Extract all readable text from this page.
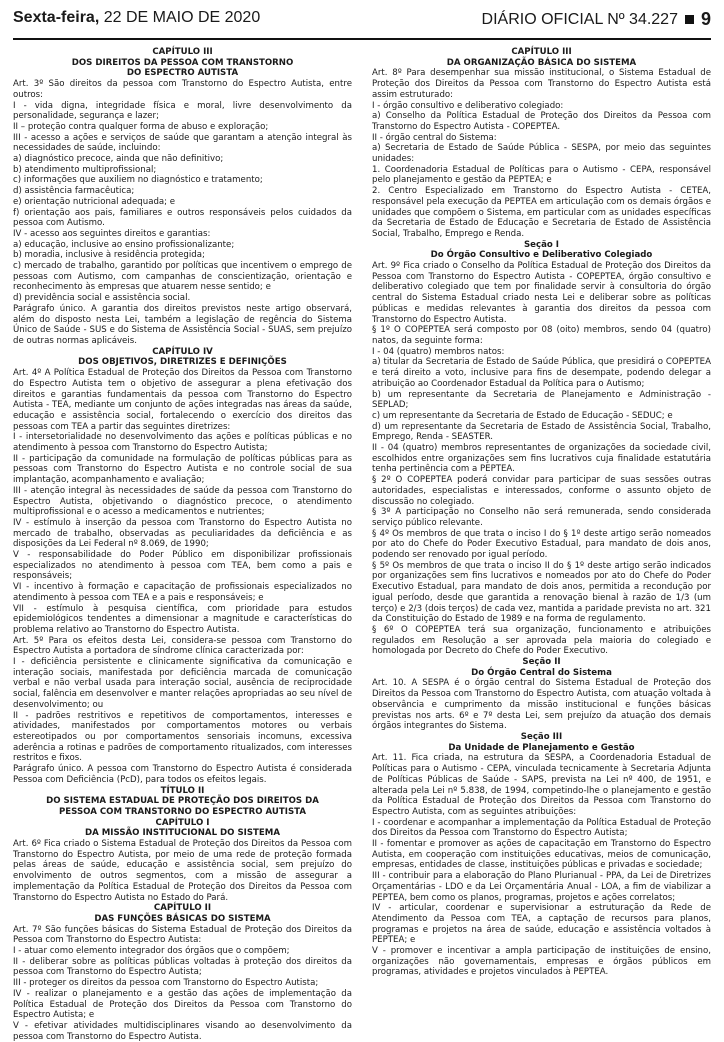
Sexta-feira, 22 DE MAIO DE 2020	DIÁRIO OFICIAL Nº 34.227 9

CAPÍTULO III

DOS DIREITOS DA PESSOA COM TRANSTORNO

DO ESPECTRO AUTISTA

Art. 3º São direitos da pessoa com Transtorno do Espectro Autista, entre outros:

I - vida digna, integridade física e moral, livre desenvolvimento da personalidade, segurança e lazer;

II – proteção contra qualquer forma de abuso e exploração;

III - acesso a ações e serviços de saúde que garantam a atenção integral às necessidades de saúde, incluindo:

a) diagnóstico precoce, ainda que não definitivo;

b) atendimento multiprofissional;

c) informações que auxiliem no diagnóstico e tratamento;

d) assistência farmacêutica;

e) orientação nutricional adequada; e

f) orientação aos pais, familiares e outros responsáveis pelos cuidados da pessoa com Autismo.

IV - acesso aos seguintes direitos e garantias:

a) educação, inclusive ao ensino profissionalizante;

b) moradia, inclusive à residência protegida;

c) mercado de trabalho, garantido por políticas que incentivem o emprego de pessoas com Autismo, com campanhas de conscientização, orientação e reconhecimento às empresas que atuarem nesse sentido; e

d) previdência social e assistência social.

Parágrafo único. A garantia dos direitos previstos neste artigo observará, além do disposto nesta Lei, também a legislação de regência do Sistema Único de Saúde - SUS e do Sistema de Assistência Social - SUAS, sem prejuízo de outras normas aplicáveis.

CAPÍTULO IV

DOS OBJETIVOS, DIRETRIZES E DEFINIÇÕES

Art. 4º A Política Estadual de Proteção dos Direitos da Pessoa com Transtorno do Espectro Autista tem o objetivo de assegurar a plena efetivação dos direitos e garantias fundamentais da pessoa com Transtorno do Espectro Autista - TEA, mediante um conjunto de ações integradas nas áreas da saúde, educação e assistência social, fortalecendo o exercício dos direitos das pessoas com TEA a partir das seguintes diretrizes:

I - intersetorialidade no desenvolvimento das ações e políticas públicas e no atendimento à pessoa com Transtorno do Espectro Autista;

II - participação da comunidade na formulação de políticas públicas para as pessoas com Transtorno do Espectro Autista e no controle social de sua implantação, acompanhamento e avaliação;

III - atenção integral às necessidades de saúde da pessoa com Transtorno do Espectro Autista, objetivando o diagnóstico precoce, o atendimento multiprofissional e o acesso a medicamentos e nutrientes;

IV - estímulo à inserção da pessoa com Transtorno do Espectro Autista no mercado de trabalho, observadas as peculiaridades da deficiência e as disposições da Lei Federal nº 8.069, de 1990;

V - responsabilidade do Poder Público em disponibilizar profissionais especializados no atendimento à pessoa com TEA, bem como a pais e responsáveis;

VI - incentivo à formação e capacitação de profissionais especializados no atendimento à pessoa com TEA e a pais e responsáveis; e

VII - estímulo à pesquisa científica, com prioridade para estudos epidemiológicos tendentes a dimensionar a magnitude e características do problema relativo ao Transtorno do Espectro Autista.

Art. 5º Para os efeitos desta Lei, considera-se pessoa com Transtorno do Espectro Autista a portadora de síndrome clínica caracterizada por:

I - deficiência persistente e clinicamente significativa da comunicação e interação sociais, manifestada por deficiência marcada de comunicação verbal e não verbal usada para interação social, ausência de reciprocidade social, falência em desenvolver e manter relações apropriadas ao seu nível de desenvolvimento; ou

II - padrões restritivos e repetitivos de comportamentos, interesses e atividades, manifestados por comportamentos motores ou verbais estereotipados ou por comportamentos sensoriais incomuns, excessiva aderência a rotinas e padrões de comportamento ritualizados, com interesses restritos e fixos.

Parágrafo único. A pessoa com Transtorno do Espectro Autista é considerada Pessoa com Deficiência (PcD), para todos os efeitos legais.

TÍTULO II

DO SISTEMA ESTADUAL DE PROTEÇÃO DOS DIREITOS DA

PESSOA COM TRANSTORNO DO ESPECTRO AUTISTA

CAPÍTULO I

DA MISSÃO INSTITUCIONAL DO SISTEMA

Art. 6º Fica criado o Sistema Estadual de Proteção dos Direitos da Pessoa com Transtorno do Espectro Autista, por meio de uma rede de proteção formada pelas áreas de saúde, educação e assistência social, sem prejuízo do envolvimento de outros segmentos, com a missão de assegurar a implementação da Política Estadual de Proteção dos Direitos da Pessoa com Transtorno do Espectro Autista no Estado do Pará.

CAPÍTULO II

DAS FUNÇÕES BÁSICAS DO SISTEMA

Art. 7º São funções básicas do Sistema Estadual de Proteção dos Direitos da Pessoa com Transtorno do Espectro Autista:

I - atuar como elemento integrador dos órgãos que o compõem;

II - deliberar sobre as políticas públicas voltadas à proteção dos direitos da pessoa com Transtorno do Espectro Autista;

III - proteger os direitos da pessoa com Transtorno do Espectro Autista;

IV - realizar o planejamento e a gestão das ações de implementação da Política Estadual de Proteção dos Direitos da Pessoa com Transtorno do Espectro Autista; e

V - efetivar atividades multidisciplinares visando ao desenvolvimento da pessoa com Transtorno do Espectro Autista.

CAPÍTULO III

DA ORGANIZAÇÃO BÁSICA DO SISTEMA

Art. 8º Para desempenhar sua missão institucional, o Sistema Estadual de Proteção dos Direitos da Pessoa com Transtorno do Espectro Autista está assim estruturado:

I - órgão consultivo e deliberativo colegiado:

a) Conselho da Política Estadual de Proteção dos Direitos da Pessoa com Transtorno do Espectro Autista - COPEPTEA.

II - órgão central do Sistema:

a) Secretaria de Estado de Saúde Pública - SESPA, por meio das seguintes unidades:

1. Coordenadoria Estadual de Políticas para o Autismo - CEPA, responsável pelo planejamento e gestão da PEPTEA; e

2. Centro Especializado em Transtorno do Espectro Autista - CETEA, responsável pela execução da PEPTEA em articulação com os demais órgãos e unidades que compõem o Sistema, em particular com as unidades específicas da Secretaria de Estado de Educação e Secretaria de Estado de Assistência Social, Trabalho, Emprego e Renda.

Seção I

Do Órgão Consultivo e Deliberativo Colegiado

Art. 9º Fica criado o Conselho da Política Estadual de Proteção dos Direitos da Pessoa com Transtorno do Espectro Autista - COPEPTEA, órgão consultivo e deliberativo colegiado que tem por finalidade servir à consultoria do órgão central do Sistema Estadual criado nesta Lei e deliberar sobre as políticas públicas e medidas relevantes à garantia dos direitos da pessoa com Transtorno do Espectro Autista.

§ 1º O COPEPTEA será composto por 08 (oito) membros, sendo 04 (quatro) natos, da seguinte forma:

I - 04 (quatro) membros natos:

a) titular da Secretaria de Estado de Saúde Pública, que presidirá o COPEPTEA e terá direito a voto, inclusive para fins de desempate, podendo delegar a atribuição ao Coordenador Estadual da Política para o Autismo;

b) um representante da Secretaria de Planejamento e Administração - SEPLAD;

c) um representante da Secretaria de Estado de Educação - SEDUC; e

d) um representante da Secretaria de Estado de Assistência Social, Trabalho, Emprego, Renda - SEASTER.

II - 04 (quatro) membros representantes de organizações da sociedade civil, escolhidos entre organizações sem fins lucrativos cuja finalidade estatutária tenha pertinência com a PEPTEA.

§ 2º O COPEPTEA poderá convidar para participar de suas sessões outras autoridades, especialistas e interessados, conforme o assunto objeto de discussão no colegiado.

§ 3º A participação no Conselho não será remunerada, sendo considerada serviço público relevante.

§ 4º Os membros de que trata o inciso I do § 1º deste artigo serão nomeados por ato do Chefe do Poder Executivo Estadual, para mandato de dois anos, podendo ser renovado por igual período.

§ 5º Os membros de que trata o inciso II do § 1º deste artigo serão indicados por organizações sem fins lucrativos e nomeados por ato do Chefe do Poder Executivo Estadual, para mandato de dois anos, permitida a recondução por igual período, desde que garantida a renovação bienal à razão de 1/3 (um terço) e 2/3 (dois terços) de cada vez, mantida a paridade prevista no art. 321 da Constituição do Estado de 1989 e na forma de regulamento.

§ 6º O COPEPTEA terá sua organização, funcionamento e atribuições regulados em Resolução a ser aprovada pela maioria do colegiado e homologada por Decreto do Chefe do Poder Executivo.

Seção II

Do Órgão Central do Sistema

Art. 10. A SESPA é o órgão central do Sistema Estadual de Proteção dos Direitos da Pessoa com Transtorno do Espectro Autista, com atuação voltada à observância e cumprimento da missão institucional e funções básicas previstas nos arts. 6º e 7º desta Lei, sem prejuízo da atuação dos demais órgãos integrantes do Sistema.

Seção III

Da Unidade de Planejamento e Gestão

Art. 11. Fica criada, na estrutura da SESPA, a Coordenadoria Estadual de Políticas para o Autismo - CEPA, vinculada tecnicamente à Secretaria Adjunta de Políticas Públicas de Saúde - SAPS, prevista na Lei nº 400, de 1951, e alterada pela Lei nº 5.838, de 1994, competindo-lhe o planejamento e gestão da Política Estadual de Proteção dos Direitos da Pessoa com Transtorno do Espectro Autista, com as seguintes atribuições:

I - coordenar e acompanhar a implementação da Política Estadual de Proteção dos Direitos da Pessoa com Transtorno do Espectro Autista;

II - fomentar e promover as ações de capacitação em Transtorno do Espectro Autista, em cooperação com instituições educativas, meios de comunicação, empresas, entidades de classe, instituições públicas e privadas e sociedade;

III - contribuir para a elaboração do Plano Plurianual - PPA, da Lei de Diretrizes Orçamentárias - LDO e da Lei Orçamentária Anual - LOA, a fim de viabilizar a PEPTEA, bem como os planos, programas, projetos e ações correlatos;

IV - articular, coordenar e supervisionar a estruturação da Rede de Atendimento da Pessoa com TEA, a captação de recursos para planos, programas e projetos na área de saúde, educação e assistência voltados à PEPTEA; e

V - promover e incentivar a ampla participação de instituições de ensino, organizações não governamentais, empresas e órgãos públicos em programas, atividades e projetos vinculados à PEPTEA.
